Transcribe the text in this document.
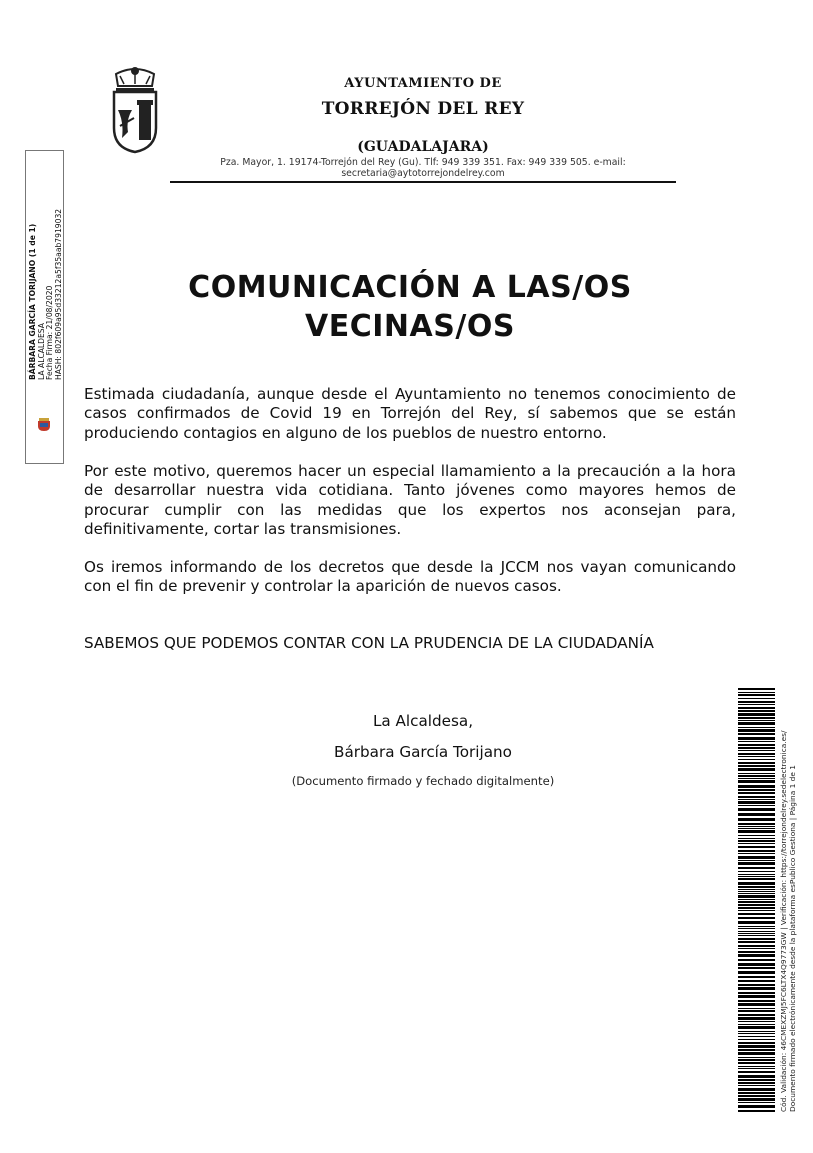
AYUNTAMIENTO DE
TORREJÓN DEL REY
(GUADALAJARA)
Pza. Mayor, 1. 19174-Torrejón del Rey (Gu). Tlf: 949 339 351. Fax: 949 339 505. e-mail:
secretaria@aytotorrejondelrey.com
BÁRBARA GARCÍA TORIJANO (1 de 1) LA ALCALDESA Fecha Firma: 21/08/2020 HASH: 802f609a95d33212a5f35aab7919032	COMUNICACIÓN A LAS/OS
VECINAS/OS
Estimada ciudadanía, aunque desde el Ayuntamiento no tenemos conocimiento de casos confirmados de Covid 19 en Torrejón del Rey, sí sabemos que se están produciendo contagios en alguno de los pueblos de nuestro entorno.
Por este motivo, queremos hacer un especial llamamiento a la precaución a la hora de desarrollar nuestra vida cotidiana. Tanto jóvenes como mayores hemos de procurar cumplir con las medidas que los expertos nos aconsejan para, definitivamente, cortar las transmisiones.
Os iremos informando de los decretos que desde la JCCM nos vayan comunicando con el fin de prevenir y controlar la aparición de nuevos casos.
SABEMOS QUE PODEMOS CONTAR CON LA PRUDENCIA DE LA CIUDADANÍA
La Alcaldesa,
Bárbara García Torijano
(Documento firmado y fechado digitalmente)	Cód. Validación: 46CMEXZMJ5FC6LTX4Q9773GW | Verificación: https://torrejondelrey.sedelectronica.es/ Documento firmado electrónicamente desde la plataforma esPublico Gestiona | Página 1 de 1
